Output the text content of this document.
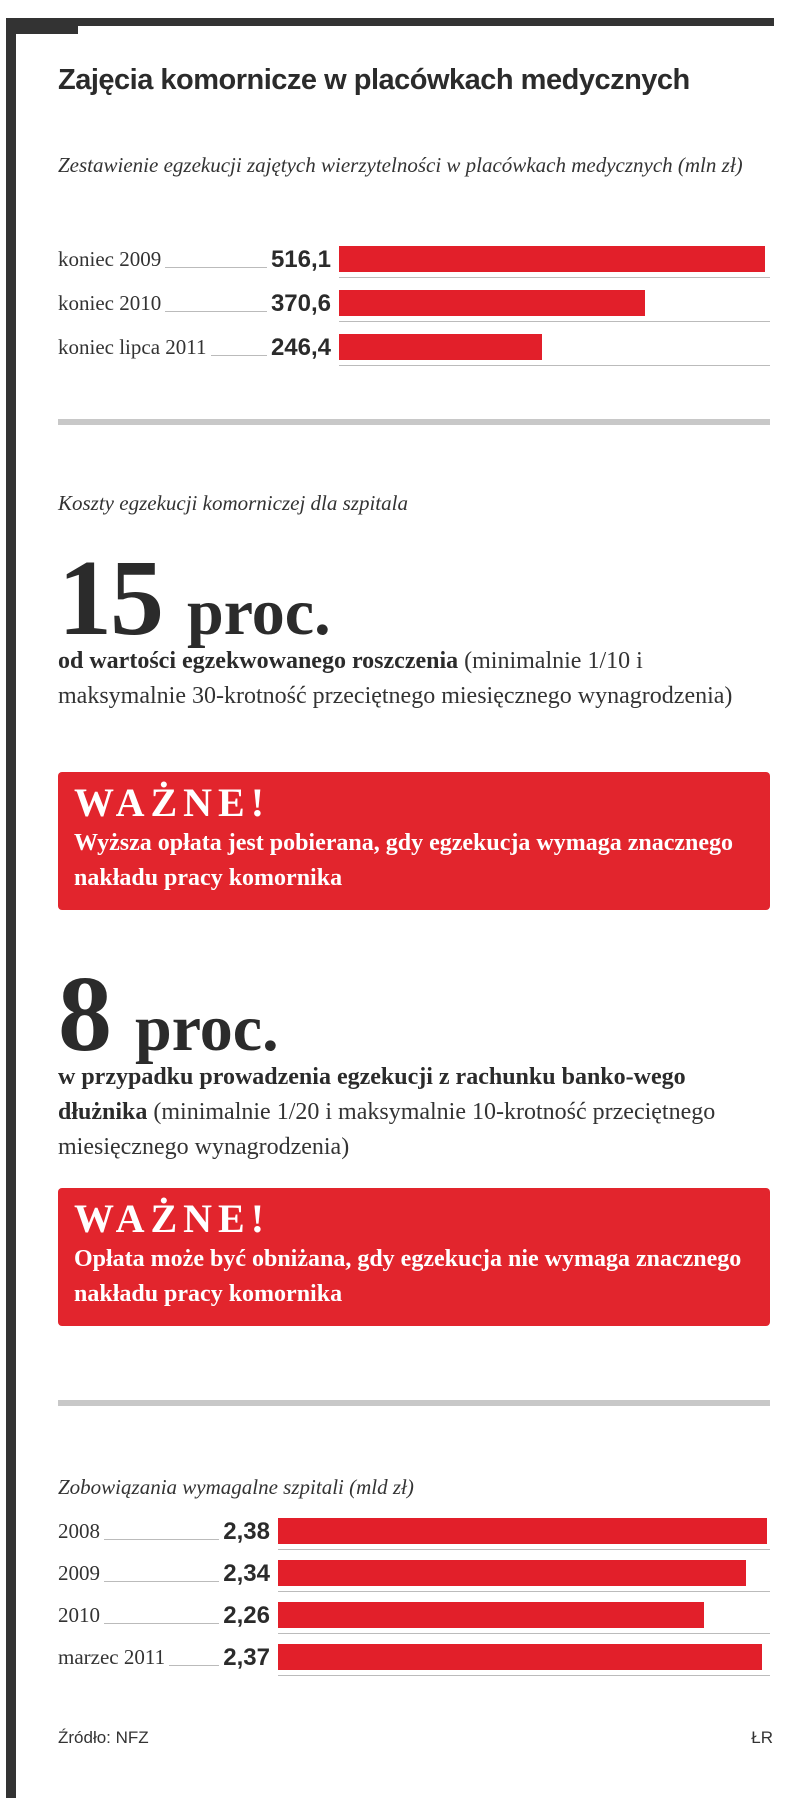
Zajęcia komornicze w placówkach medycznych

Zestawienie egzekucji zajętych wierzytelności w placówkach medycznych (mln zł)

koniec 2009	516,1
koniec 2010	370,6
koniec lipca 2011	246,4

Koszty egzekucji komorniczej dla szpitala

15 proc.

od wartości egzekwowanego roszczenia (minimalnie 1/10 i maksymalnie 30-krotność przeciętnego miesięcznego wynagrodzenia)

WAŻNE!
Wyższa opłata jest pobierana, gdy egzekucja wymaga znacznego nakładu pracy komornika

8 proc.

w przypadku prowadzenia egzekucji z rachunku banko-wego dłużnika (minimalnie 1/20 i maksymalnie 10-krotność przeciętnego miesięcznego wynagrodzenia)

WAŻNE!
Opłata może być obniżana, gdy egzekucja nie wymaga znacznego nakładu pracy komornika

Zobowiązania wymagalne szpitali (mld zł)

2008	2,38
2009	2,34
2010	2,26
marzec 2011 2,37
Źródło: NFZ	ŁR
